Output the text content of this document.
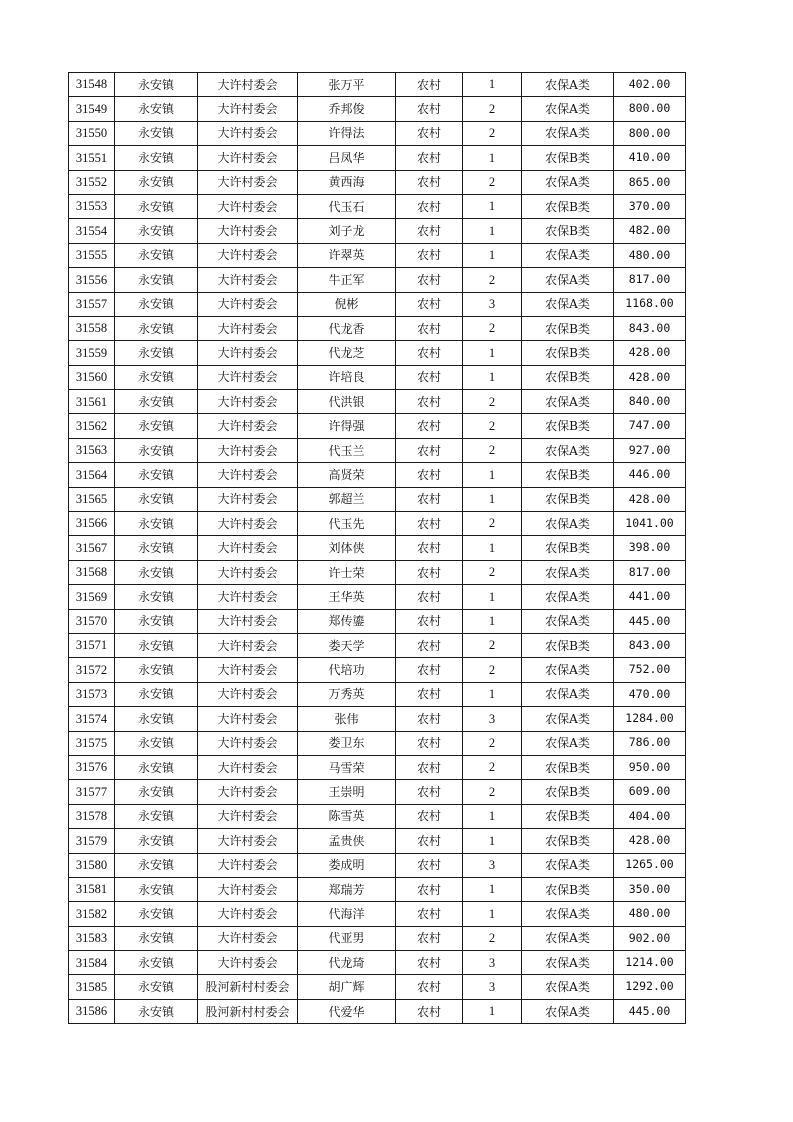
31548	永安镇	大许村委会	张万平	农村	1	农保A类	402.00
31549	永安镇	大许村委会	乔邦俊	农村	2	农保A类	800.00
31550	永安镇	大许村委会	许得法	农村	2	农保A类	800.00
31551	永安镇	大许村委会	吕凤华	农村	1	农保B类	410.00
31552	永安镇	大许村委会	黄西海	农村	2	农保A类	865.00
31553	永安镇	大许村委会	代玉石	农村	1	农保B类	370.00
31554	永安镇	大许村委会	刘子龙	农村	1	农保B类	482.00
31555	永安镇	大许村委会	许翠英	农村	1	农保A类	480.00
31556	永安镇	大许村委会	牛正军	农村	2	农保A类	817.00
31557	永安镇	大许村委会	倪彬	农村	3	农保A类	1168.00
31558	永安镇	大许村委会	代龙香	农村	2	农保B类	843.00
31559	永安镇	大许村委会	代龙芝	农村	1	农保B类	428.00
31560	永安镇	大许村委会	许培良	农村	1	农保B类	428.00
31561	永安镇	大许村委会	代洪银	农村	2	农保A类	840.00
31562	永安镇	大许村委会	许得强	农村	2	农保B类	747.00
31563	永安镇	大许村委会	代玉兰	农村	2	农保A类	927.00
31564	永安镇	大许村委会	高贤荣	农村	1	农保B类	446.00
31565	永安镇	大许村委会	郭超兰	农村	1	农保B类	428.00
31566	永安镇	大许村委会	代玉先	农村	2	农保A类	1041.00
31567	永安镇	大许村委会	刘体侠	农村	1	农保B类	398.00
31568	永安镇	大许村委会	许士荣	农村	2	农保A类	817.00
31569	永安镇	大许村委会	王华英	农村	1	农保A类	441.00
31570	永安镇	大许村委会	郑传鎏	农村	1	农保A类	445.00
31571	永安镇	大许村委会	娄天学	农村	2	农保B类	843.00
31572	永安镇	大许村委会	代培功	农村	2	农保A类	752.00
31573	永安镇	大许村委会	万秀英	农村	1	农保A类	470.00
31574	永安镇	大许村委会	张伟	农村	3	农保A类	1284.00
31575	永安镇	大许村委会	娄卫东	农村	2	农保A类	786.00
31576	永安镇	大许村委会	马雪荣	农村	2	农保B类	950.00
31577	永安镇	大许村委会	王崇明	农村	2	农保B类	609.00
31578	永安镇	大许村委会	陈雪英	农村	1	农保B类	404.00
31579	永安镇	大许村委会	孟贵侠	农村	1	农保B类	428.00
31580	永安镇	大许村委会	娄成明	农村	3	农保A类	1265.00
31581	永安镇	大许村委会	郑瑞芳	农村	1	农保B类	350.00
31582	永安镇	大许村委会	代海洋	农村	1	农保A类	480.00
31583	永安镇	大许村委会	代亚男	农村	2	农保A类	902.00
31584	永安镇	大许村委会	代龙琦	农村	3	农保A类	1214.00
31585	永安镇	股河新村村委会	胡广辉	农村	3	农保A类	1292.00
31586	永安镇	股河新村村委会	代爱华	农村	1	农保A类	445.00
